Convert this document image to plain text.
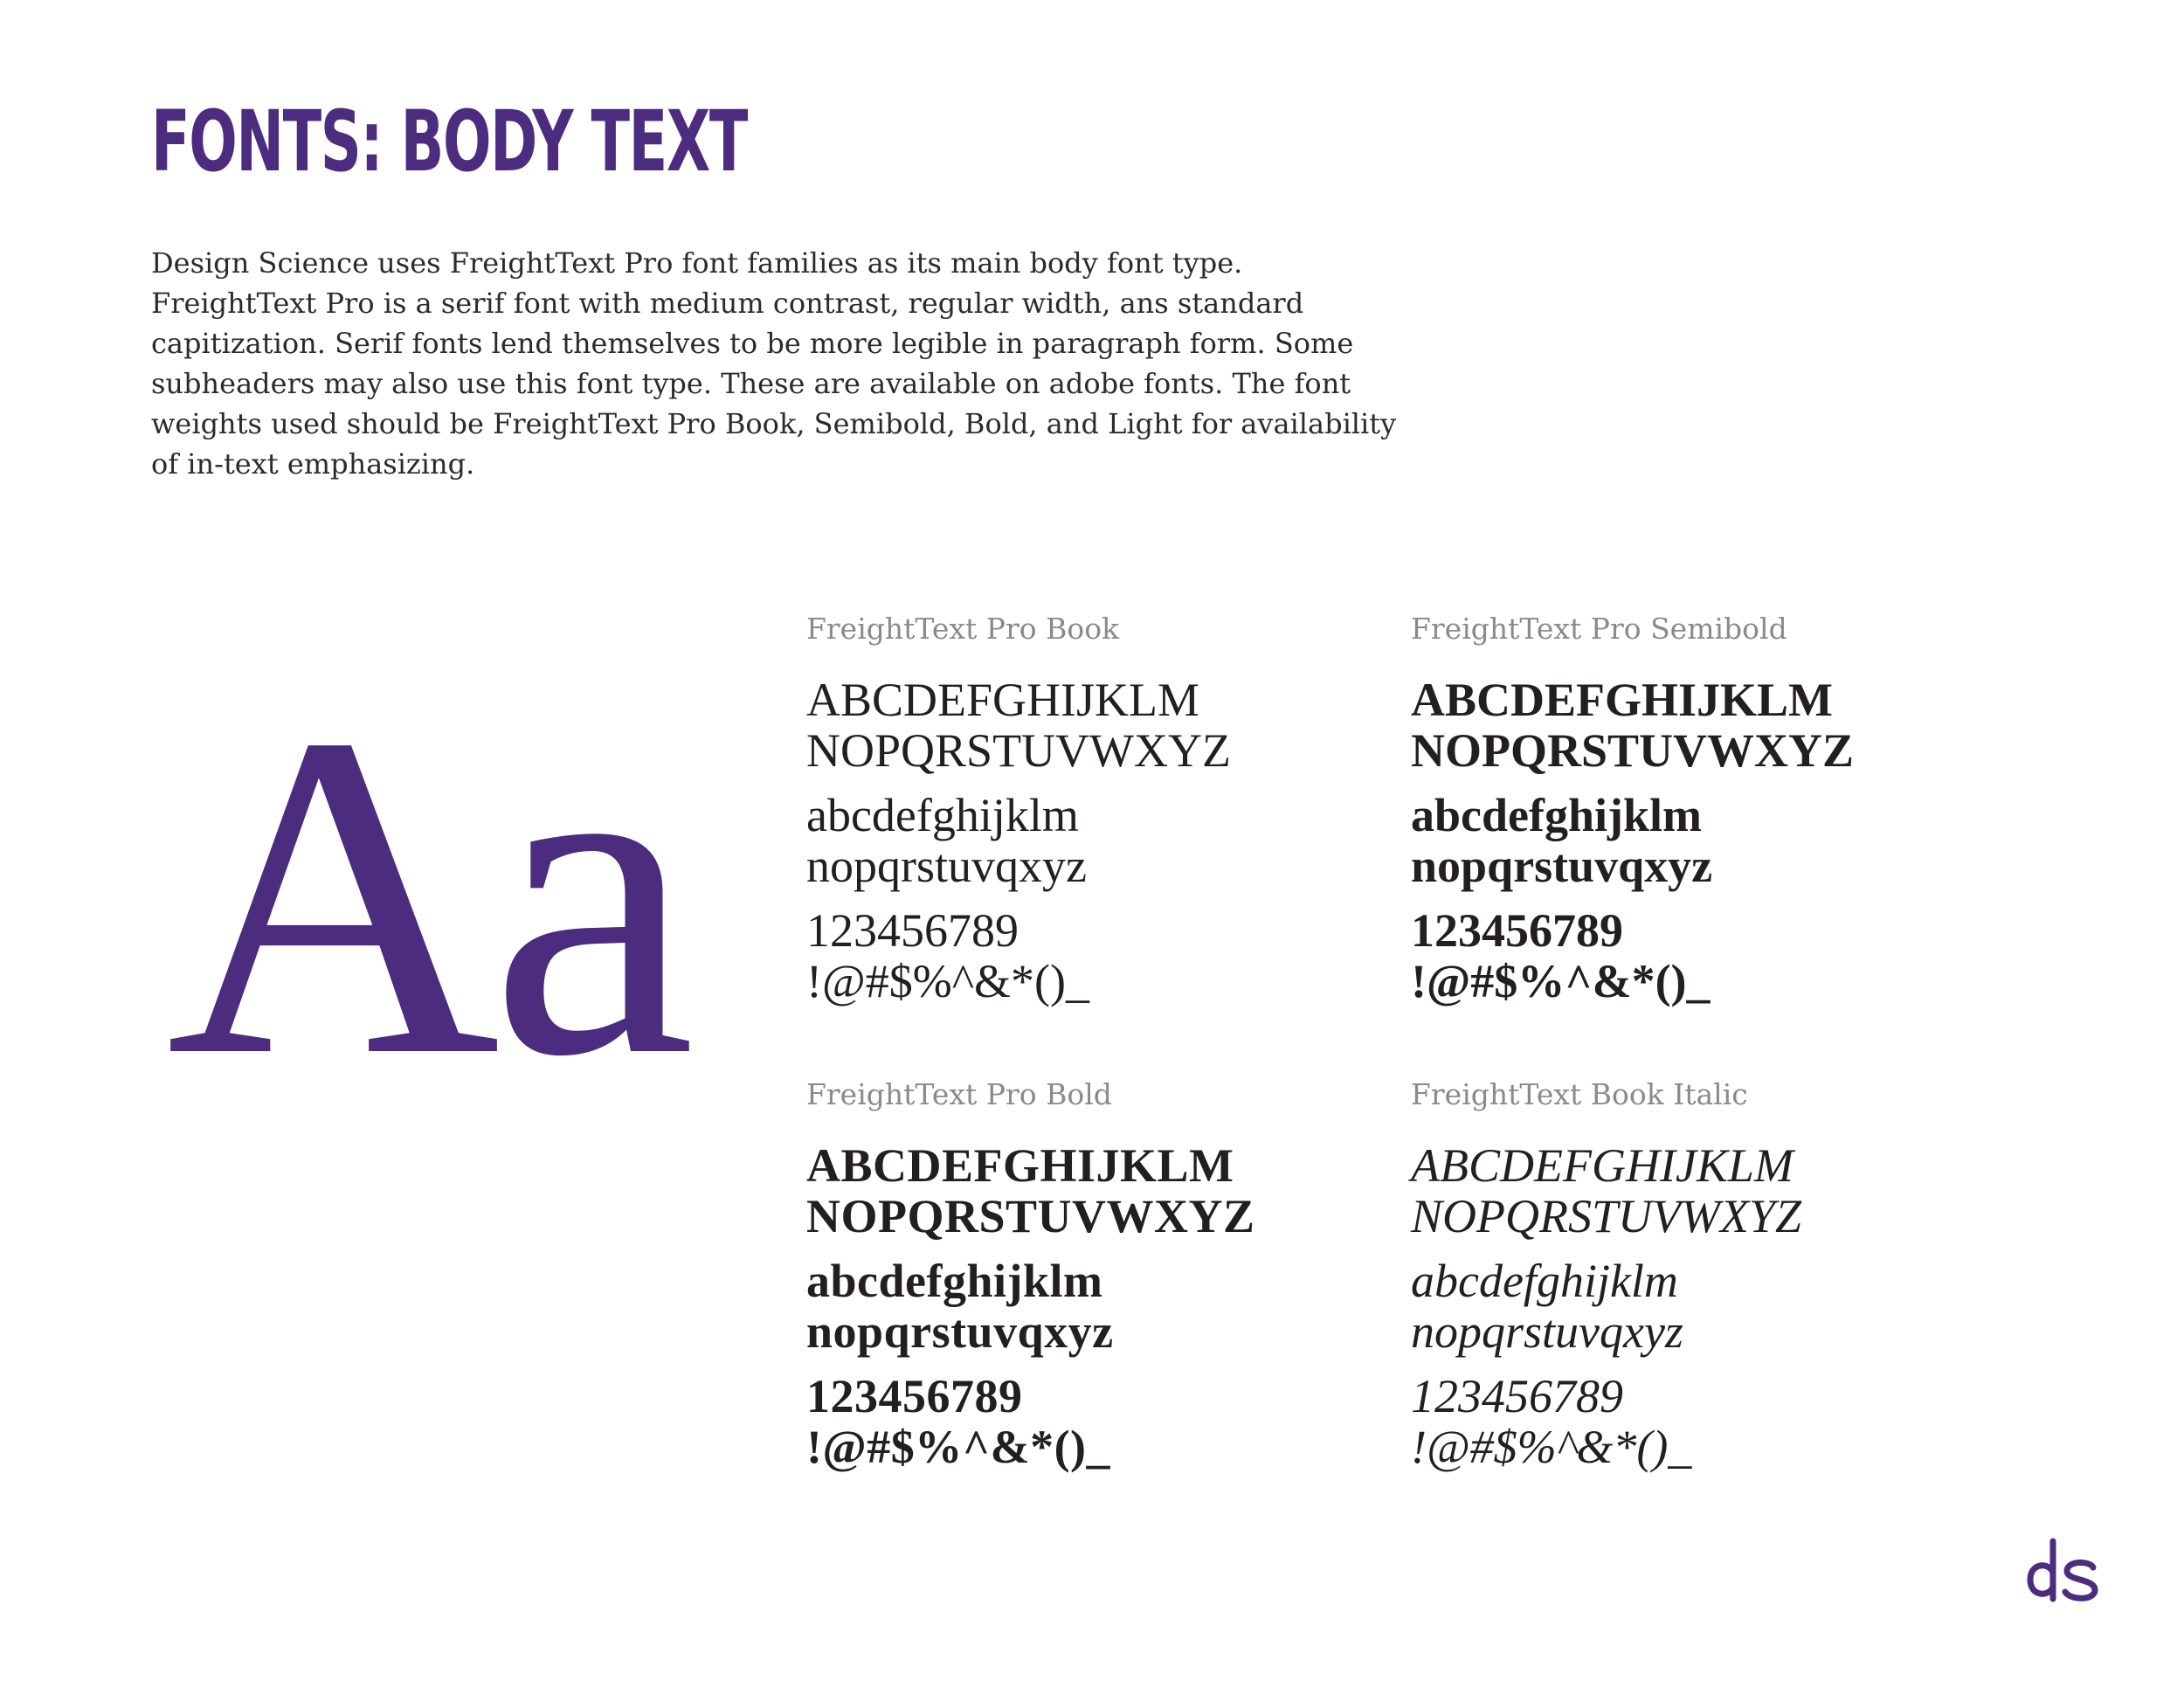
FONTS: BODY TEXT

Design Science uses FreightText Pro font families as its main body font type.
FreightText Pro is a serif font with medium contrast, regular width, ans standard
capitization. Serif fonts lend themselves to be more legible in paragraph form. Some
subheaders may also use this font type. These are available on adobe fonts. The font
weights used should be FreightText Pro Book, Semibold, Bold, and Light for availability
of in-text emphasizing.

Aa
FreightText Pro Book
ABCDEFGHIJKLM
NOPQRSTUVWXYZ
abcdefghijklm
nopqrstuvqxyz
123456789
!@#$%^&*()_
FreightText Pro Semibold
ABCDEFGHIJKLM
NOPQRSTUVWXYZ
abcdefghijklm
nopqrstuvqxyz
123456789
!@#$%^&*()_
FreightText Pro Bold
ABCDEFGHIJKLM
NOPQRSTUVWXYZ
abcdefghijklm
nopqrstuvqxyz
123456789
!@#$%^&*()_
FreightText Book Italic
ABCDEFGHIJKLM
NOPQRSTUVWXYZ
abcdefghijklm
nopqrstuvqxyz
123456789
!@#$%^&*()_
